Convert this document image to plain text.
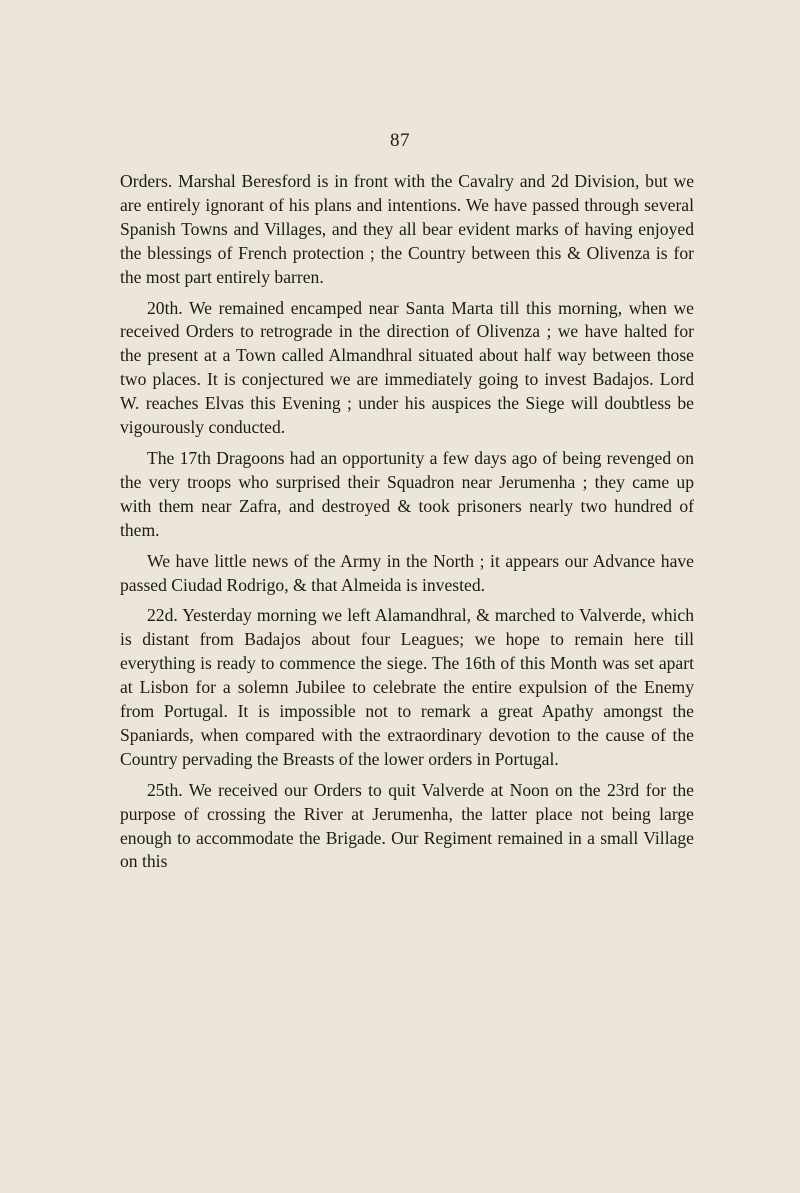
87

Orders. Marshal Beresford is in front with the Cavalry and 2d Division, but we are entirely ignorant of his plans and intentions. We have passed through several Spanish Towns and Villages, and they all bear evident marks of having enjoyed the blessings of French protection ; the Country between this & Olivenza is for the most part entirely barren.

20th. We remained encamped near Santa Marta till this morning, when we received Orders to retrograde in the direction of Olivenza ; we have halted for the present at a Town called Almandhral situated about half way between those two places. It is conjectured we are immediately going to invest Badajos. Lord W. reaches Elvas this Evening ; under his auspices the Siege will doubtless be vigourously conducted.

The 17th Dragoons had an opportunity a few days ago of being revenged on the very troops who surprised their Squadron near Jerumenha ; they came up with them near Zafra, and destroyed & took prisoners nearly two hundred of them.

We have little news of the Army in the North ; it appears our Advance have passed Ciudad Rodrigo, & that Almeida is invested.

22d. Yesterday morning we left Alamandhral, & marched to Valverde, which is distant from Badajos about four Leagues; we hope to remain here till everything is ready to commence the siege. The 16th of this Month was set apart at Lisbon for a solemn Jubilee to celebrate the entire expulsion of the Enemy from Portugal. It is impossible not to remark a great Apathy amongst the Spaniards, when compared with the extraordinary devotion to the cause of the Country pervading the Breasts of the lower orders in Portugal.

25th. We received our Orders to quit Valverde at Noon on the 23rd for the purpose of crossing the River at Jerumenha, the latter place not being large enough to accommodate the Brigade. Our Regiment remained in a small Village on this
